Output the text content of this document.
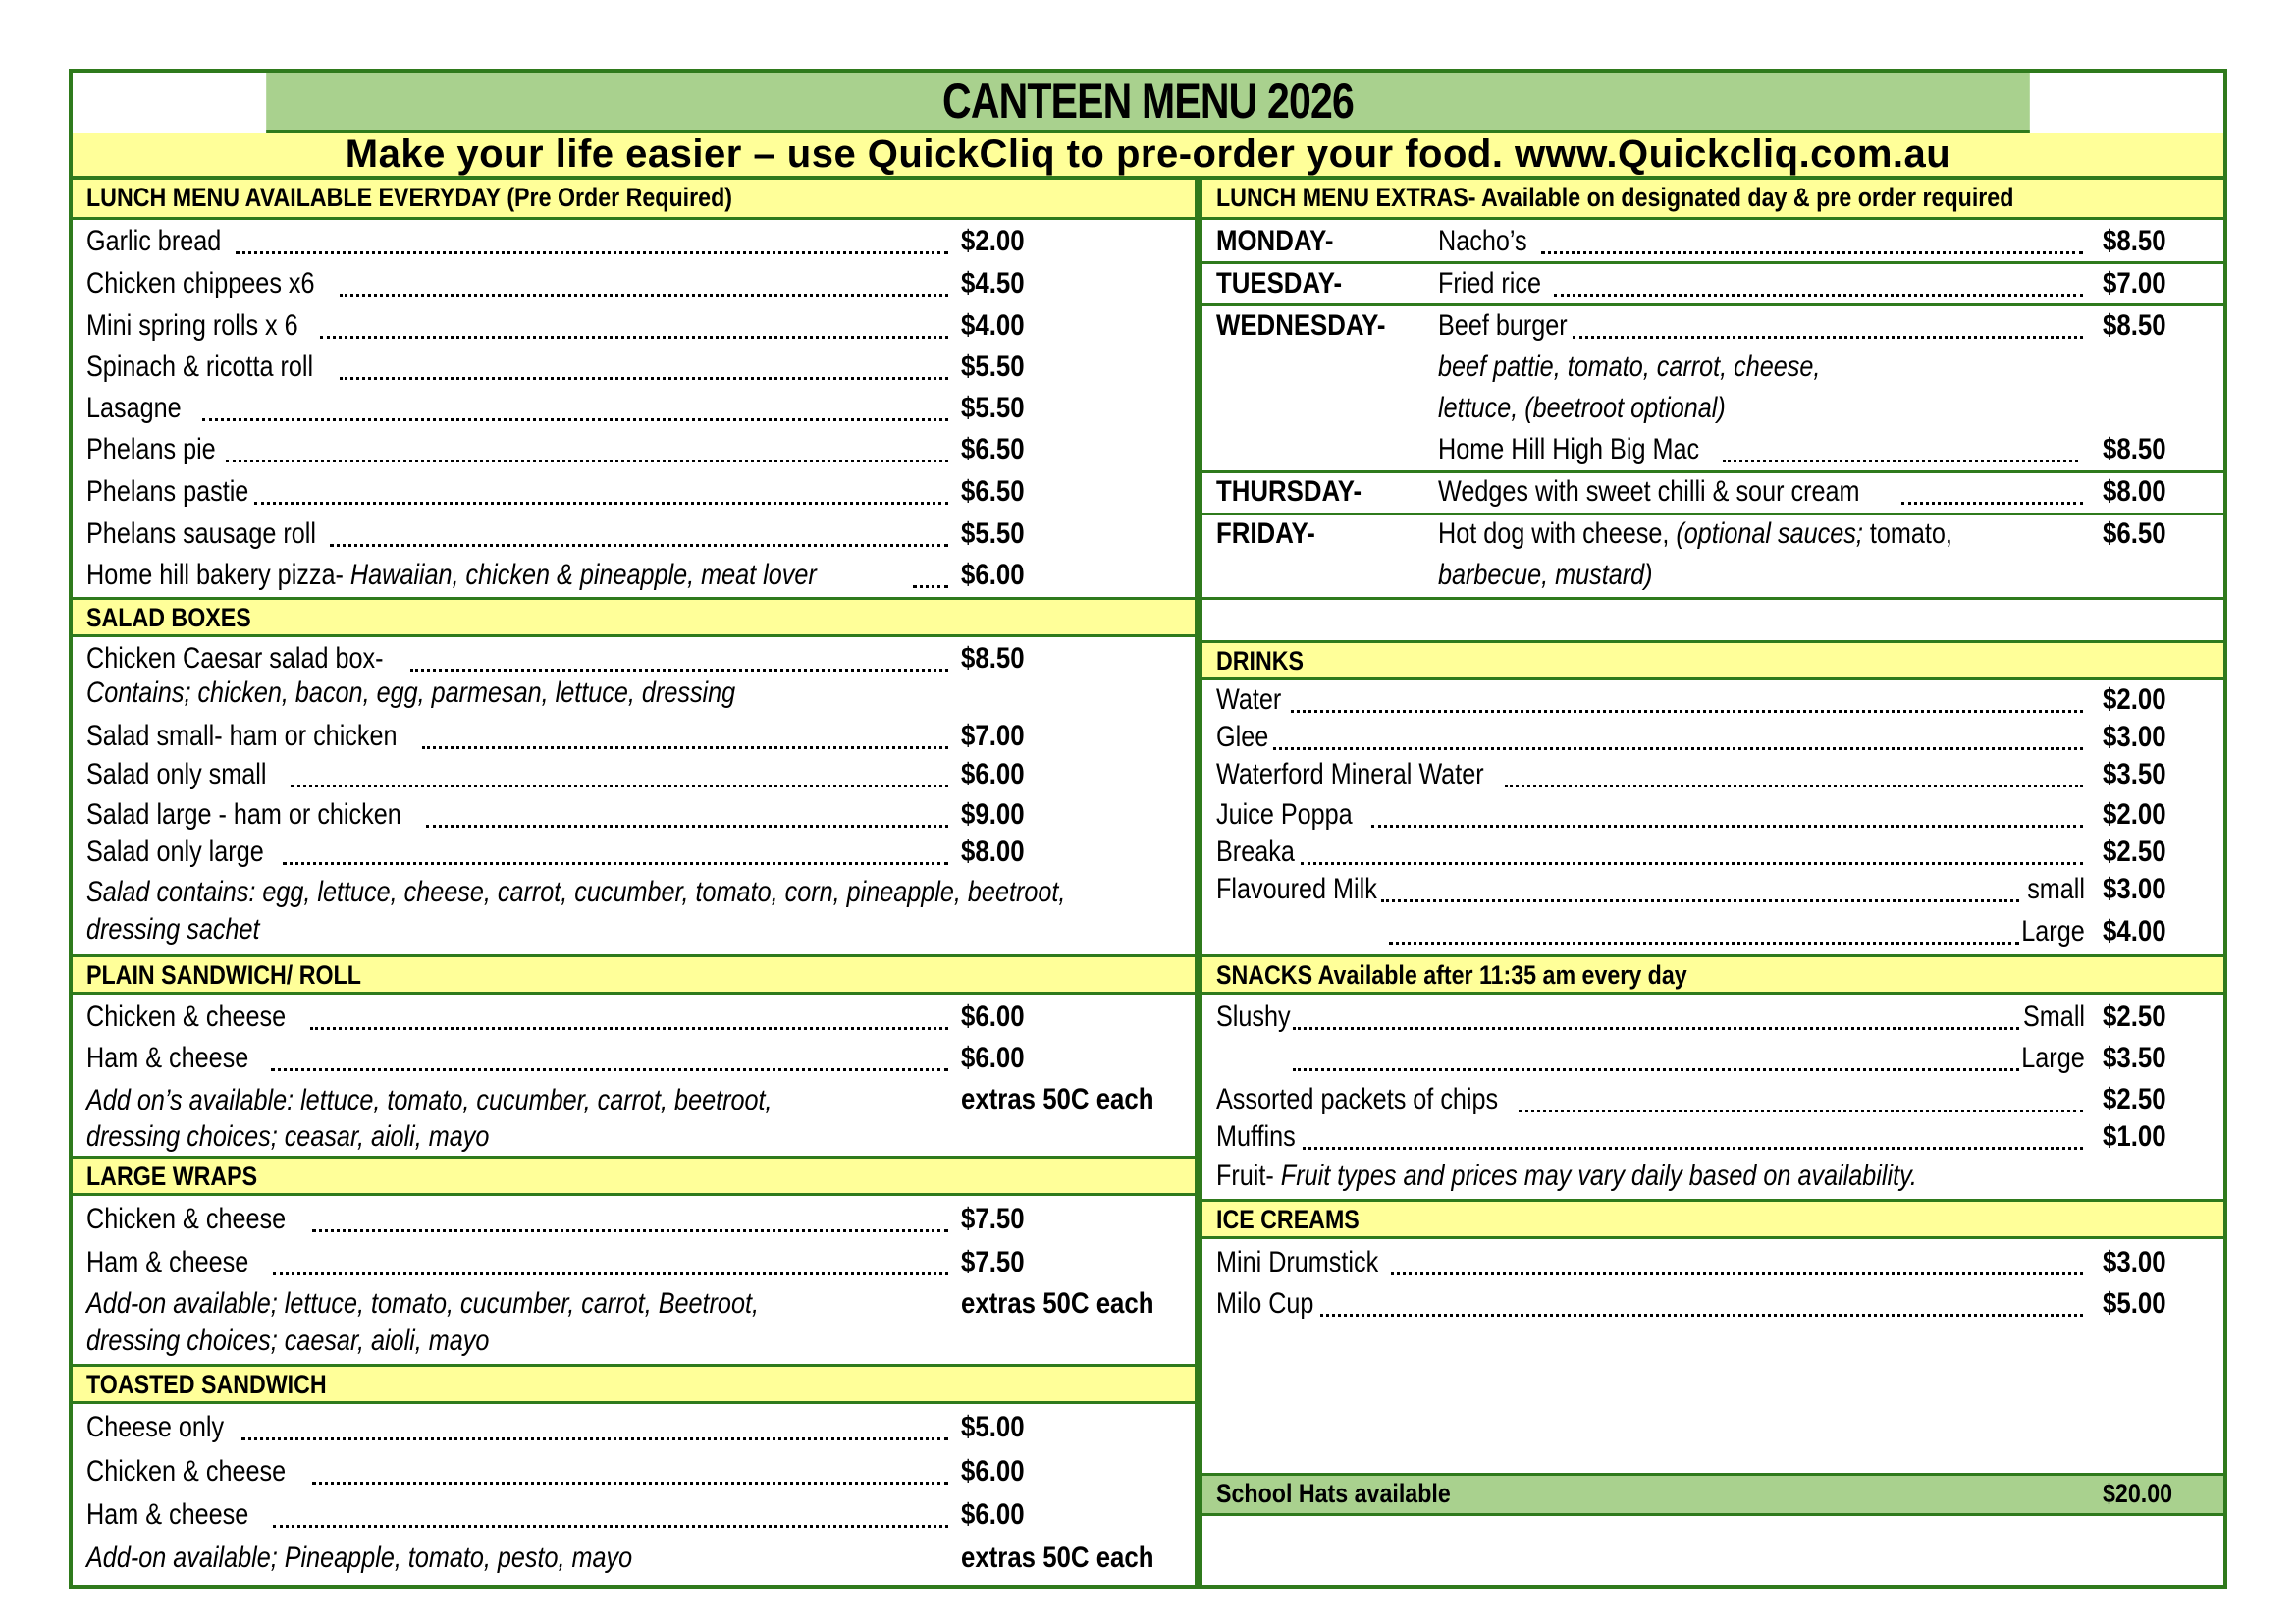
CANTEEN MENU 2026
Make your life easier – use QuickCliq to pre-order your food. www.Quickcliq.com.au
LUNCH MENU AVAILABLE EVERYDAY (Pre Order Required)
Garlic bread	$2.00
Chicken chippees x6	$4.50
Mini spring rolls x 6	$4.00
Spinach & ricotta roll	$5.50
Lasagne	$5.50
Phelans pie	$6.50
Phelans pastie	$6.50
Phelans sausage roll	$5.50
Home hill bakery pizza- Hawaiian, chicken & pineapple, meat lover	$6.00
SALAD BOXES
Chicken Caesar salad box-	$8.50
Contains; chicken, bacon, egg, parmesan, lettuce, dressing
Salad small- ham or chicken	$7.00
Salad only small	$6.00
Salad large - ham or chicken	$9.00
Salad only large	$8.00
Salad contains: egg, lettuce, cheese, carrot, cucumber, tomato, corn, pineapple, beetroot,
dressing sachet
PLAIN SANDWICH/ ROLL
Chicken & cheese	$6.00
Ham & cheese	$6.00
Add on’s available: lettuce, tomato, cucumber, carrot, beetroot,	extras 50C each
dressing choices; ceasar, aioli, mayo
LARGE WRAPS
Chicken & cheese	$7.50
Ham & cheese	$7.50
Add-on available; lettuce, tomato, cucumber, carrot, Beetroot,	extras 50C each
dressing choices; caesar, aioli, mayo
TOASTED SANDWICH
Cheese only	$5.00
Chicken & cheese	$6.00
Ham & cheese	$6.00
Add-on available; Pineapple, tomato, pesto, mayo	extras 50C each
LUNCH MENU EXTRAS- Available on designated day & pre order required
MONDAY-	Nacho’s	$8.50
TUESDAY-	Fried rice	$7.00
WEDNESDAY- Beef burger	$8.50
beef pattie, tomato, carrot, cheese,
lettuce, (beetroot optional)
Home Hill High Big Mac	$8.50
THURSDAY-	Wedges with sweet chilli & sour cream	$8.00
FRIDAY-	Hot dog with cheese, (optional sauces; tomato,	$6.50
barbecue, mustard)
DRINKS
Water	$2.00
Glee	$3.00
Waterford Mineral Water	$3.50
Juice Poppa	$2.00
Breaka	$2.50
Flavoured Milk	small $3.00
Large $4.00
SNACKS Available after 11:35 am every day
Slushy	Small $2.50
Large $3.50
Assorted packets of chips	$2.50
Muffins	$1.00
Fruit- Fruit types and prices may vary daily based on availability.
ICE CREAMS
Mini Drumstick	$3.00
Milo Cup	$5.00
School Hats available	$20.00
